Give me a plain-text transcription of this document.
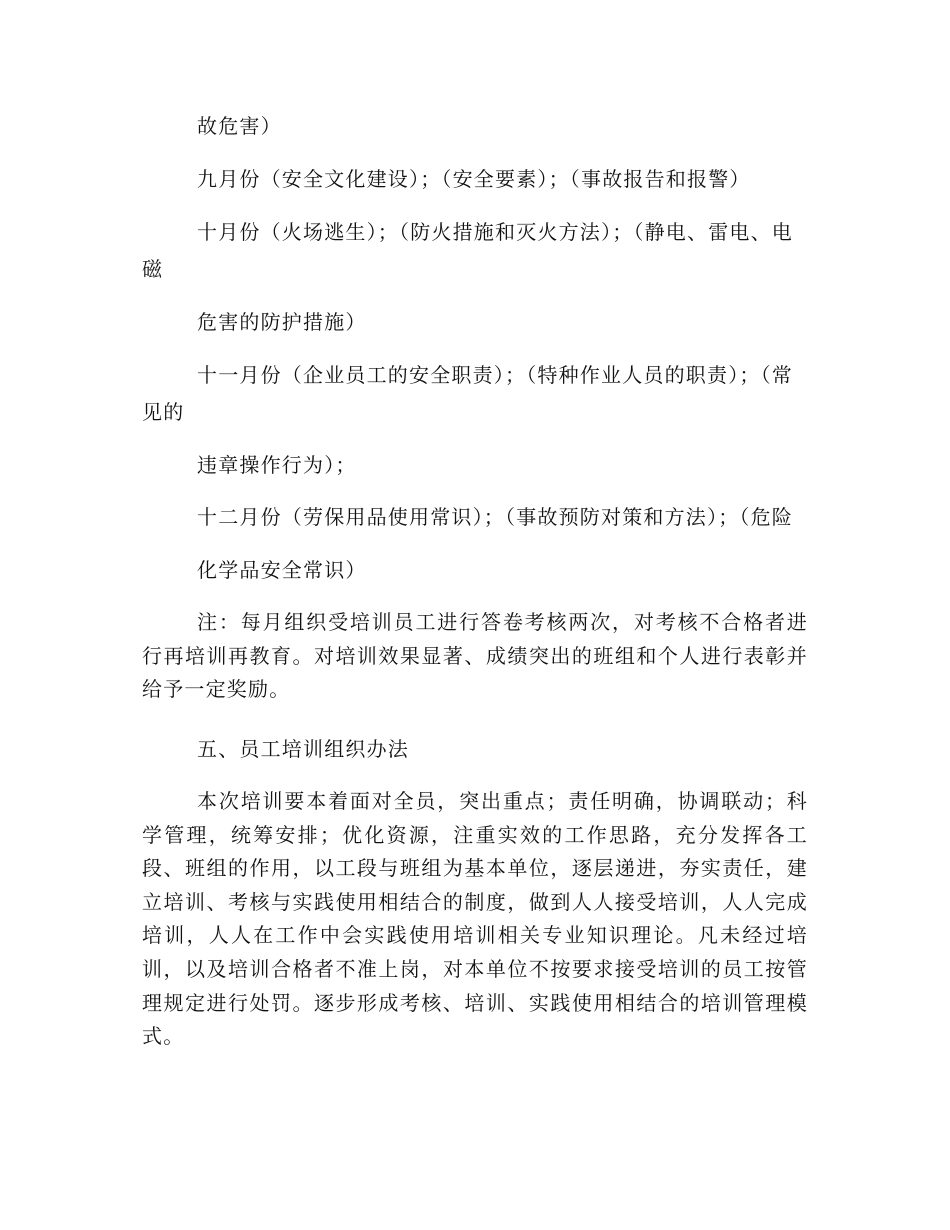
故危害）
九月份（安全文化建设）；（安全要素）；（事故报告和报警）
十月份（火场逃生）；（防火措施和灭火方法）；（静电、雷电、电
磁
危害的防护措施）
十一月份（企业员工的安全职责）；（特种作业人员的职责）；（常
见的
违章操作行为）；
十二月份（劳保用品使用常识）；（事故预防对策和方法）；（危险
化学品安全常识）
注：每月组织受培训员工进行答卷考核两次，对考核不合格者进行再培训再教育。对培训效果显著、成绩突出的班组和个人进行表彰并给予一定奖励。
五、员工培训组织办法
本次培训要本着面对全员，突出重点；责任明确，协调联动；科学管理，统筹安排；优化资源，注重实效的工作思路，充分发挥各工段、班组的作用，以工段与班组为基本单位，逐层递进，夯实责任，建立培训、考核与实践使用相结合的制度，做到人人接受培训，人人完成培训，人人在工作中会实践使用培训相关专业知识理论。凡未经过培训，以及培训合格者不准上岗，对本单位不按要求接受培训的员工按管理规定进行处罚。逐步形成考核、培训、实践使用相结合的培训管理模式。
